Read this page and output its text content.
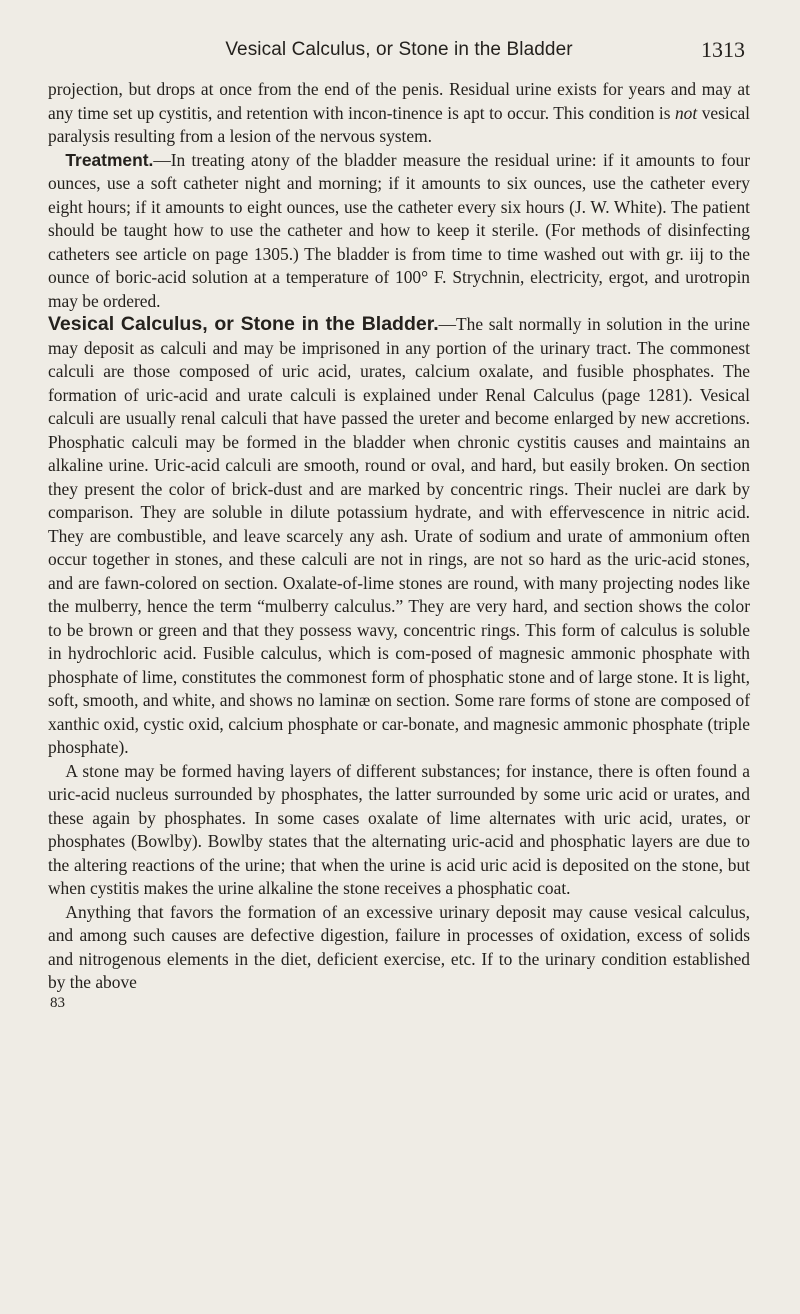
Vesical Calculus, or Stone in the Bladder	1313

projection, but drops at once from the end of the penis. Residual urine exists for years and may at any time set up cystitis, and retention with incon-tinence is apt to occur. This condition is not vesical paralysis resulting from a lesion of the nervous system.

Treatment.—In treating atony of the bladder measure the residual urine: if it amounts to four ounces, use a soft catheter night and morning; if it amounts to six ounces, use the catheter every eight hours; if it amounts to eight ounces, use the catheter every six hours (J. W. White). The patient should be taught how to use the catheter and how to keep it sterile. (For methods of disinfecting catheters see article on page 1305.) The bladder is from time to time washed out with gr. iij to the ounce of boric-acid solution at a temperature of 100° F. Strychnin, electricity, ergot, and urotropin may be ordered.

Vesical Calculus, or Stone in the Bladder.—The salt normally in solution in the urine may deposit as calculi and may be imprisoned in any portion of the urinary tract. The commonest calculi are those composed of uric acid, urates, calcium oxalate, and fusible phosphates. The formation of uric-acid and urate calculi is explained under Renal Calculus (page 1281). Vesical calculi are usually renal calculi that have passed the ureter and become enlarged by new accretions. Phosphatic calculi may be formed in the bladder when chronic cystitis causes and maintains an alkaline urine. Uric-acid calculi are smooth, round or oval, and hard, but easily broken. On section they present the color of brick-dust and are marked by concentric rings. Their nuclei are dark by comparison. They are soluble in dilute potassium hydrate, and with effervescence in nitric acid. They are combustible, and leave scarcely any ash. Urate of sodium and urate of ammonium often occur together in stones, and these calculi are not in rings, are not so hard as the uric-acid stones, and are fawn-colored on section. Oxalate-of-lime stones are round, with many projecting nodes like the mulberry, hence the term “mulberry calculus.” They are very hard, and section shows the color to be brown or green and that they possess wavy, concentric rings. This form of calculus is soluble in hydrochloric acid. Fusible calculus, which is com-posed of magnesic ammonic phosphate with phosphate of lime, constitutes the commonest form of phosphatic stone and of large stone. It is light, soft, smooth, and white, and shows no laminæ on section. Some rare forms of stone are composed of xanthic oxid, cystic oxid, calcium phosphate or car-bonate, and magnesic ammonic phosphate (triple phosphate).

A stone may be formed having layers of different substances; for instance, there is often found a uric-acid nucleus surrounded by phosphates, the latter surrounded by some uric acid or urates, and these again by phosphates. In some cases oxalate of lime alternates with uric acid, urates, or phosphates (Bowlby). Bowlby states that the alternating uric-acid and phosphatic layers are due to the altering reactions of the urine; that when the urine is acid uric acid is deposited on the stone, but when cystitis makes the urine alkaline the stone receives a phosphatic coat.

Anything that favors the formation of an excessive urinary deposit may cause vesical calculus, and among such causes are defective digestion, failure in processes of oxidation, excess of solids and nitrogenous elements in the diet, deficient exercise, etc. If to the urinary condition established by the above

83
